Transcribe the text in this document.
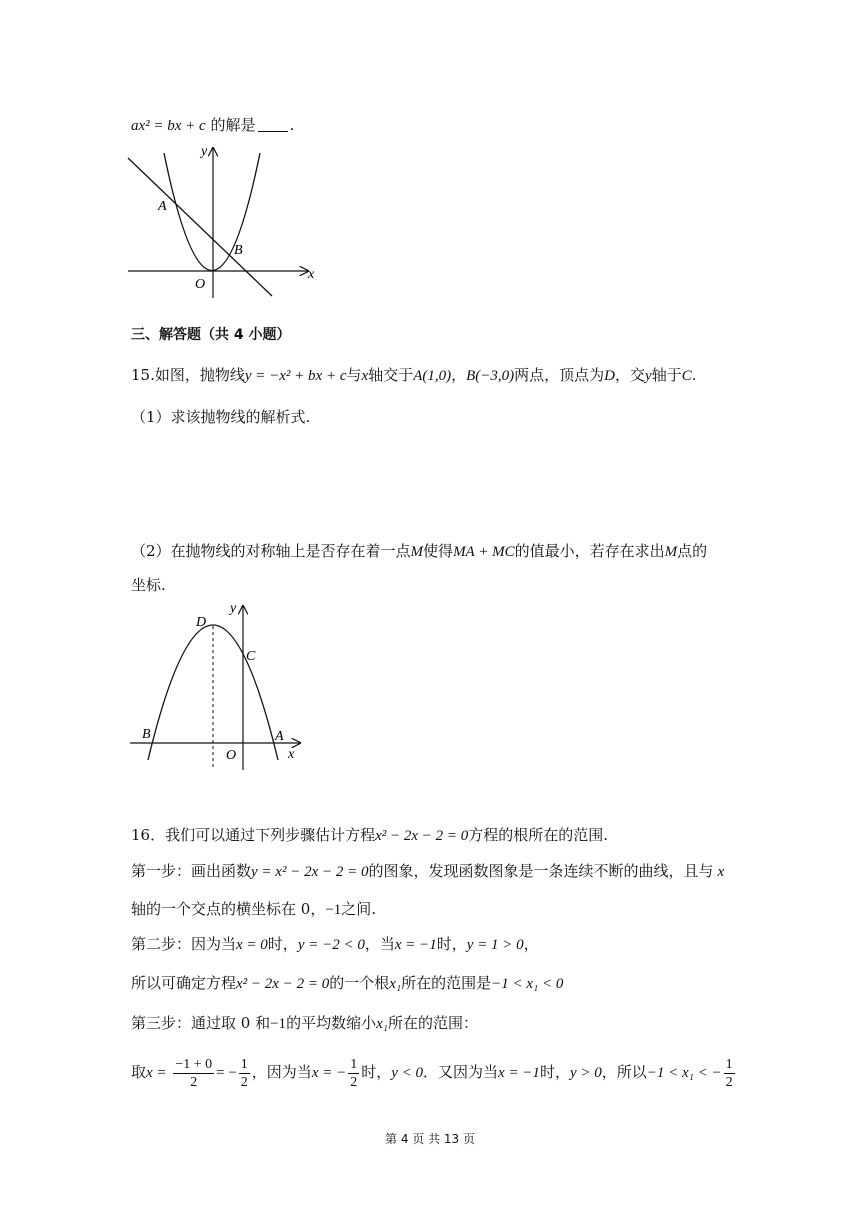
ax² = bx + c 的解是 .
y
x
O
A
B
三、解答题（共 4 小题）
15.如图，抛物线y = −x² + bx + c与x轴交于A(1,0)，B(−3,0)两点，顶点为D，交y轴于C.
（1）求该抛物线的解析式.
（2）在抛物线的对称轴上是否存在着一点M使得MA + MC的值最小，若存在求出M点的
坐标.
y
x
O
A
B
C
D
16．我们可以通过下列步骤估计方程x² − 2x − 2 = 0方程的根所在的范围.
第一步：画出函数y = x² − 2x − 2 = 0的图象，发现函数图象是一条连续不断的曲线，且与 x
轴的一个交点的横坐标在 0，−1之间.
第二步：因为当x = 0时，y = −2 < 0，当x = −1时，y = 1 > 0，
所以可确定方程x² − 2x − 2 = 0的一个根x₁所在的范围是−1 < x₁ < 0
第三步：通过取 0 和−1的平均数缩小x₁所在的范围：
取$x = \frac{-1 + 0}{2}$ = − $\frac{1}{2}$ ，因为当x = − $\frac{1}{2}$ 时，y < 0．又因为当x = −1时，y > 0，所以−1 < x₁ < − $\frac{1}{2}$
第 4 页 共 13 页
